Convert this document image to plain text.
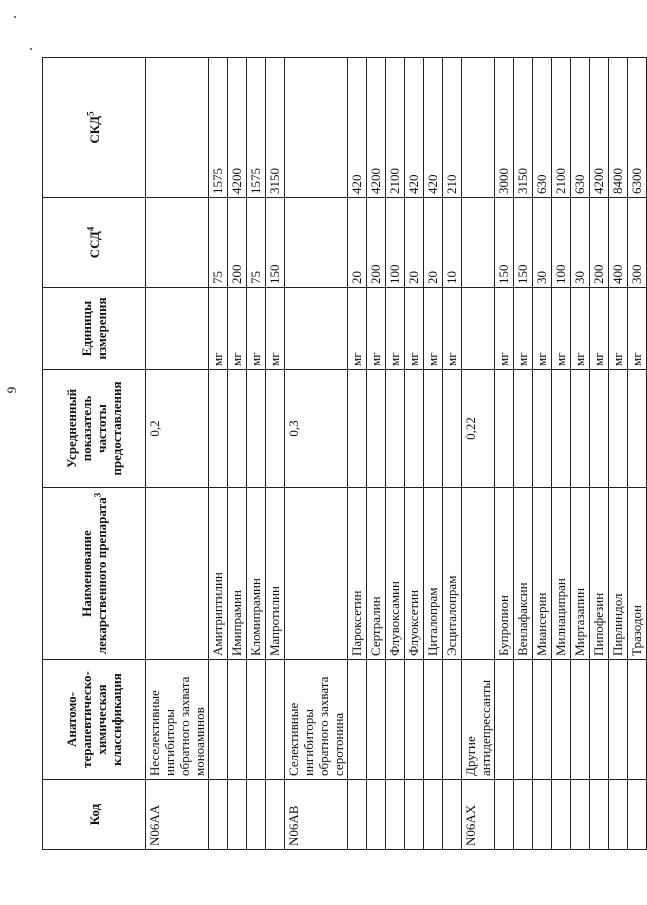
Код	Анатомо-терапевтическо-химическая классификация	Наименование лекарственного препарата$^3$	Усредненный показатель частоты предоставления	Единицы измерения	ССД$^4$	СКД$^5$
N06AA	Неселективные ингибиторы обратного захвата моноаминов		0,2			
		Амитриптилин		мг	75	1575
		Имипрамин		мг	200	4200
		Кломипрамин		мг	75	1575
		Мапротилин		мг	150	3150
N06AB	Селективные ингибиторы обратного захвата серотонина		0,3			
		Пароксетин		мг	20	420
		Сертралин		мг	200	4200
		Флувоксамин		мг	100	2100
		Флуоксетин		мг	20	420
		Циталопрам		мг	20	420
		Эсциталопрам		мг	10	210
N06AX	Другие антидепрессанты		0,22			
		Бупропион		мг	150	3000
		Венлафаксин		мг	150	3150
		Миансерин		мг	30	630
		Милнаципран		мг	100	2100
		Миртазапин		мг	30	630
		Пипофезин		мг	200	4200
		Пирлиндол		мг	400	8400
		Тразодон		мг	300	6300
9
